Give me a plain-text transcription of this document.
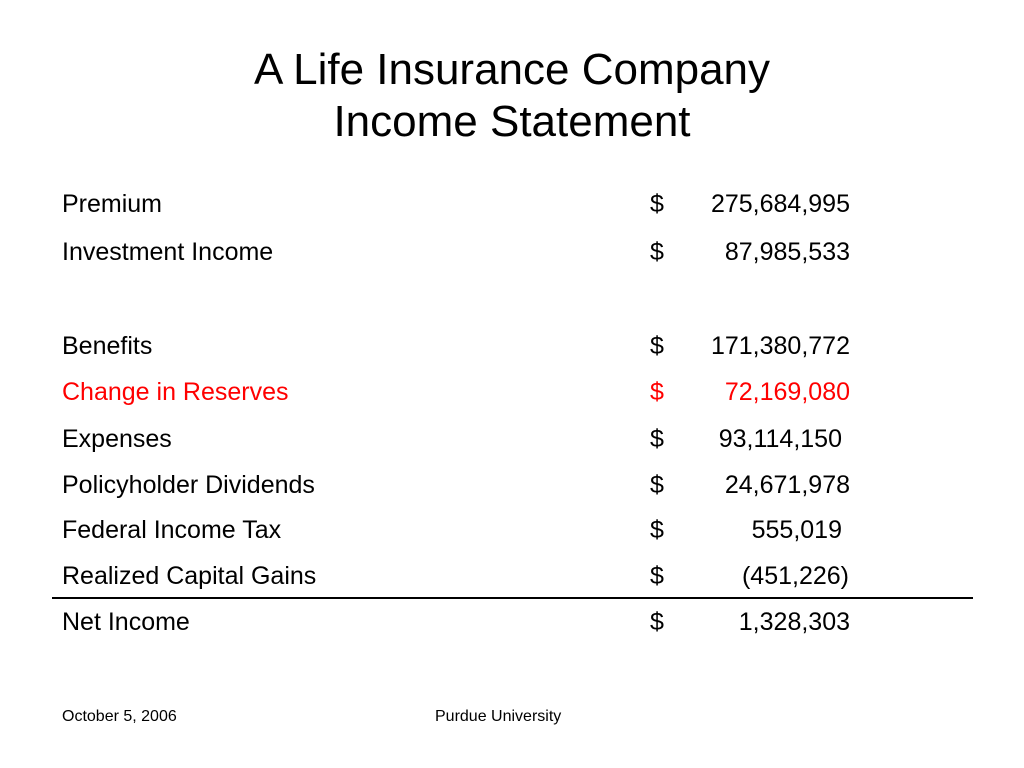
A Life Insurance Company
Income Statement
Premium	$ 275,684,995
Investment Income	$ 87,985,533
Benefits	$ 171,380,772
Change in Reserves	$ 72,169,080
Expenses	$ 93,114,150
Policyholder Dividends	$ 24,671,978
Federal Income Tax	$	555,019
Realized Capital Gains	$	(451,226)
Net Income	$	1,328,303
October 5, 2006	Purdue University
